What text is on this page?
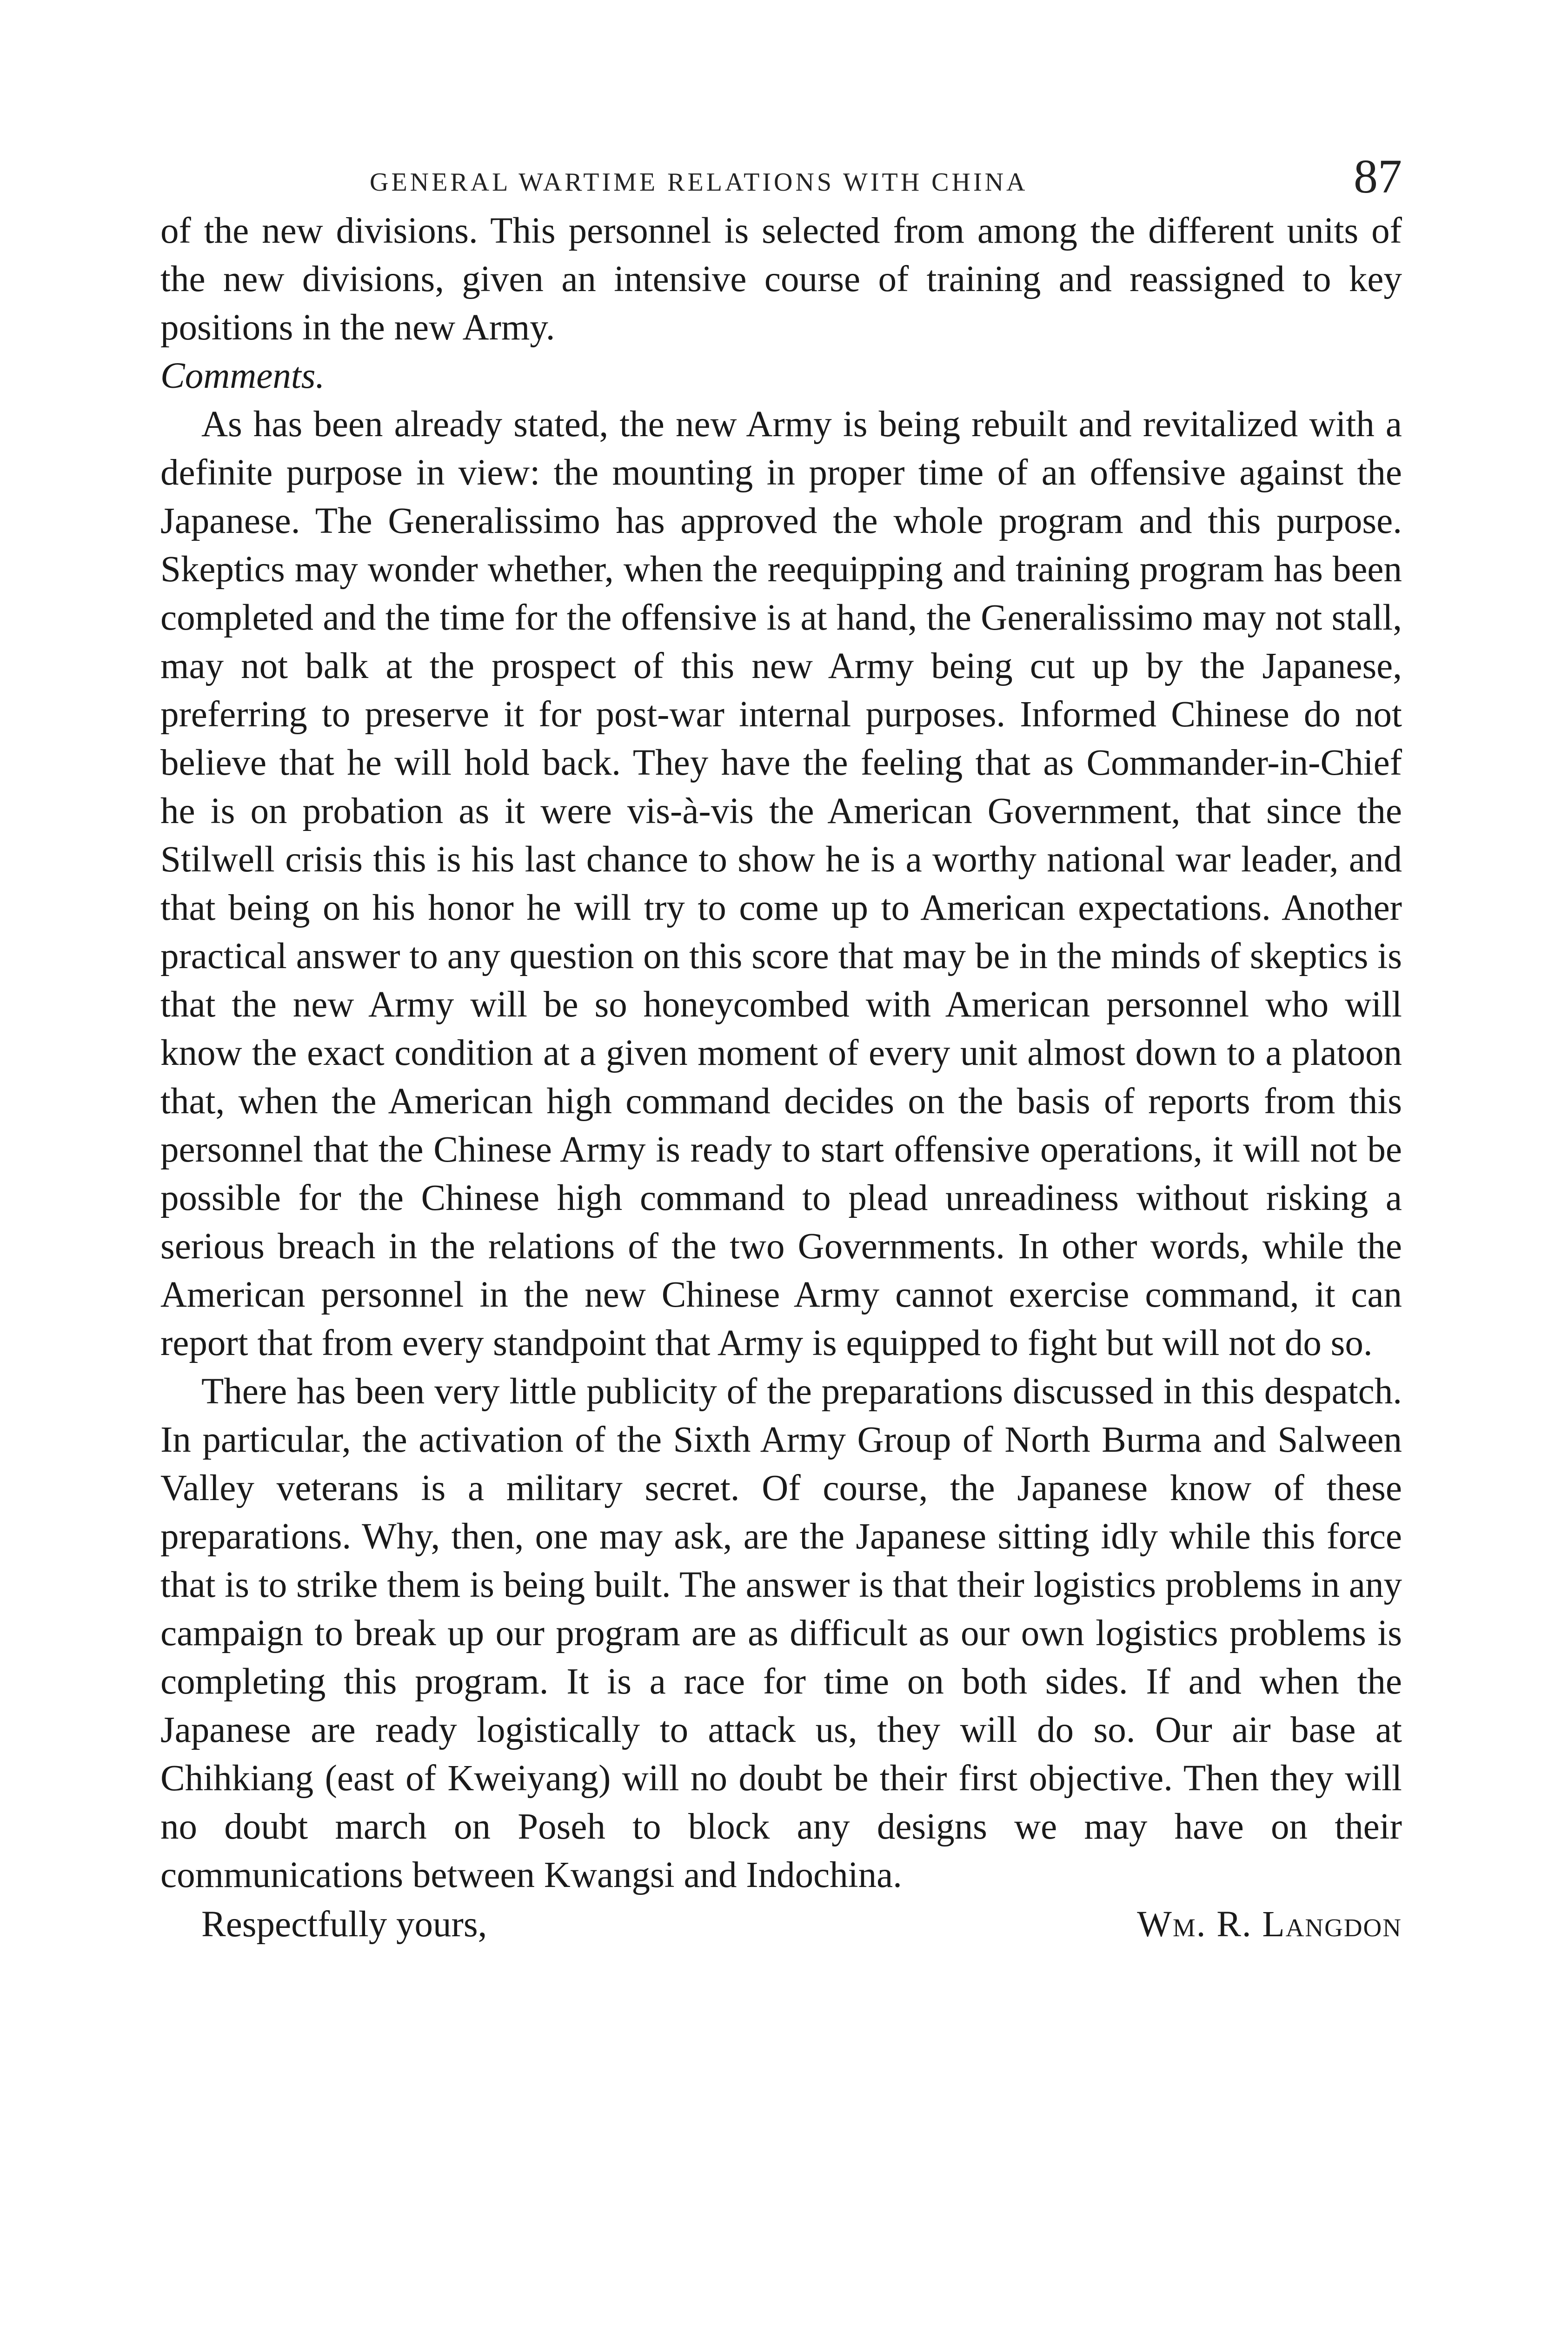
GENERAL WARTIME RELATIONS WITH CHINA	87

of the new divisions. This personnel is selected from among the different units of the new divisions, given an intensive course of training and reassigned to key positions in the new Army.

Comments.

As has been already stated, the new Army is being rebuilt and revitalized with a definite purpose in view: the mounting in proper time of an offensive against the Japanese. The Generalissimo has approved the whole program and this purpose. Skeptics may wonder whether, when the reequipping and training program has been completed and the time for the offensive is at hand, the Generalissimo may not stall, may not balk at the prospect of this new Army being cut up by the Japanese, preferring to preserve it for post-war internal purposes. Informed Chinese do not believe that he will hold back. They have the feeling that as Commander-in-Chief he is on probation as it were vis-à-vis the American Government, that since the Stilwell crisis this is his last chance to show he is a worthy national war leader, and that being on his honor he will try to come up to American expectations. Another practical answer to any question on this score that may be in the minds of skeptics is that the new Army will be so honeycombed with American personnel who will know the exact condition at a given moment of every unit almost down to a platoon that, when the American high command decides on the basis of reports from this personnel that the Chinese Army is ready to start offensive operations, it will not be possible for the Chinese high command to plead unreadiness without risking a serious breach in the relations of the two Governments. In other words, while the American personnel in the new Chinese Army cannot exercise command, it can report that from every standpoint that Army is equipped to fight but will not do so.

There has been very little publicity of the preparations discussed in this despatch. In particular, the activation of the Sixth Army Group of North Burma and Salween Valley veterans is a military secret. Of course, the Japanese know of these preparations. Why, then, one may ask, are the Japanese sitting idly while this force that is to strike them is being built. The answer is that their logistics problems in any campaign to break up our program are as difficult as our own logistics problems is completing this program. It is a race for time on both sides. If and when the Japanese are ready logistically to attack us, they will do so. Our air base at Chihkiang (east of Kweiyang) will no doubt be their first objective. Then they will no doubt march on Poseh to block any designs we may have on their communications between Kwangsi and Indochina.

Respectfully yours,	Wm. R. Langdon
